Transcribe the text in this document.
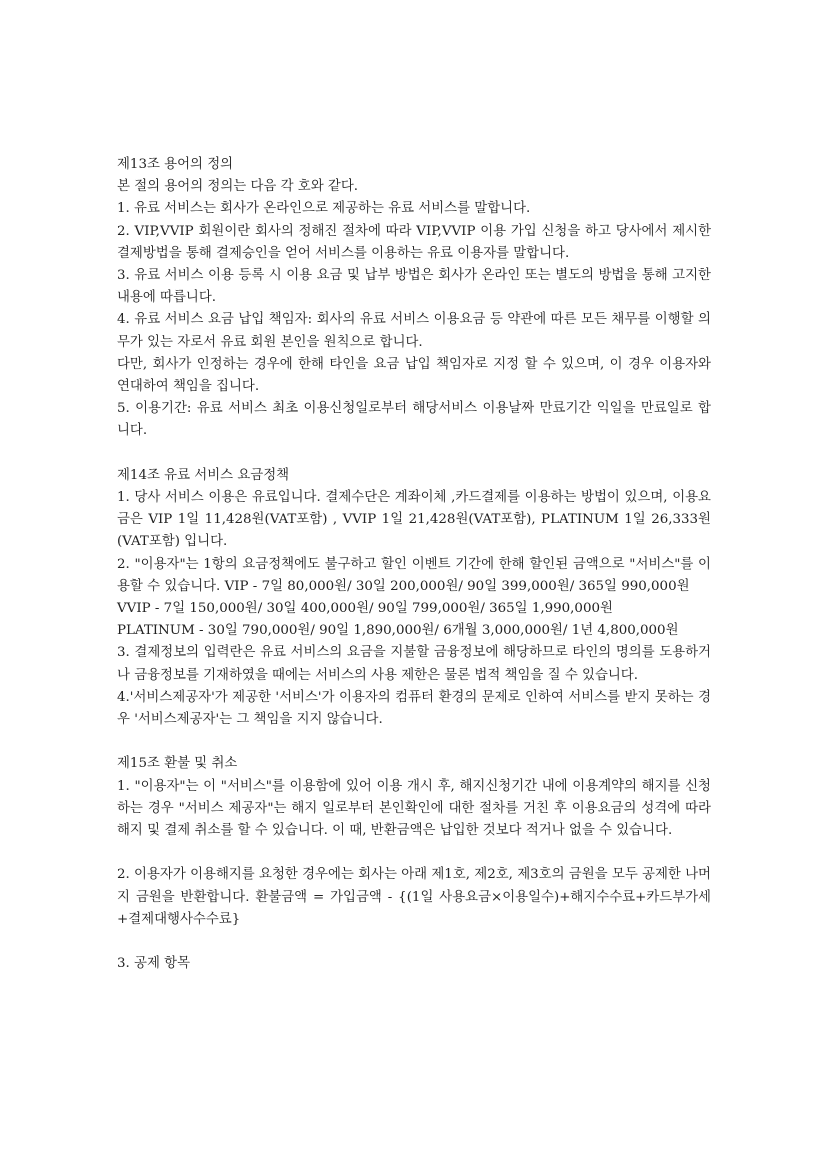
제13조 용어의 정의

본 절의 용어의 정의는 다음 각 호와 같다.

1. 유료 서비스는 회사가 온라인으로 제공하는 유료 서비스를 말합니다.

2. VIP,VVIP 회원이란 회사의 정해진 절차에 따라 VIP,VVIP 이용 가입 신청을 하고 당사에서 제시한 결제방법을 통해 결제승인을 얻어 서비스를 이용하는 유료 이용자를 말합니다.

3. 유료 서비스 이용 등록 시 이용 요금 및 납부 방법은 회사가 온라인 또는 별도의 방법을 통해 고지한 내용에 따릅니다.

4. 유료 서비스 요금 납입 책임자: 회사의 유료 서비스 이용요금 등 약관에 따른 모든 채무를 이행할 의무가 있는 자로서 유료 회원 본인을 원칙으로 합니다.

다만, 회사가 인정하는 경우에 한해 타인을 요금 납입 책임자로 지정 할 수 있으며, 이 경우 이용자와 연대하여 책임을 집니다.

5. 이용기간: 유료 서비스 최초 이용신청일로부터 해당서비스 이용날짜 만료기간 익일을 만료일로 합니다.

제14조 유료 서비스 요금정책

1. 당사 서비스 이용은 유료입니다. 결제수단은 계좌이체 ,카드결제를 이용하는 방법이 있으며, 이용요금은 VIP 1일 11,428원(VAT포함) , VVIP 1일 21,428원(VAT포함), PLATINUM 1일 26,333원(VAT포함) 입니다.

2. "이용자"는 1항의 요금정책에도 불구하고 할인 이벤트 기간에 한해 할인된 금액으로 "서비스"를 이용할 수 있습니다. VIP - 7일 80,000원/ 30일 200,000원/ 90일 399,000원/ 365일 990,000원

VVIP - 7일 150,000원/ 30일 400,000원/ 90일 799,000원/ 365일 1,990,000원

PLATINUM - 30일 790,000원/ 90일 1,890,000원/ 6개월 3,000,000원/ 1년 4,800,000원

3. 결제정보의 입력란은 유료 서비스의 요금을 지불할 금융정보에 해당하므로 타인의 명의를 도용하거나 금융정보를 기재하였을 때에는 서비스의 사용 제한은 물론 법적 책임을 질 수 있습니다.

4.'서비스제공자'가 제공한 '서비스'가 이용자의 컴퓨터 환경의 문제로 인하여 서비스를 받지 못하는 경우 '서비스제공자'는 그 책임을 지지 않습니다.

제15조 환불 및 취소

1. "이용자"는 이 "서비스"를 이용함에 있어 이용 개시 후, 해지신청기간 내에 이용계약의 해지를 신청하는 경우 "서비스 제공자"는 해지 일로부터 본인확인에 대한 절차를 거친 후 이용요금의 성격에 따라 해지 및 결제 취소를 할 수 있습니다. 이 때, 반환금액은 납입한 것보다 적거나 없을 수 있습니다.

2. 이용자가 이용해지를 요청한 경우에는 회사는 아래 제1호, 제2호, 제3호의 금원을 모두 공제한 나머지 금원을 반환합니다. 환불금액 = 가입금액 - {(1일 사용요금×이용일수)+해지수수료+카드부가세+결제대행사수수료}

3. 공제 항목
